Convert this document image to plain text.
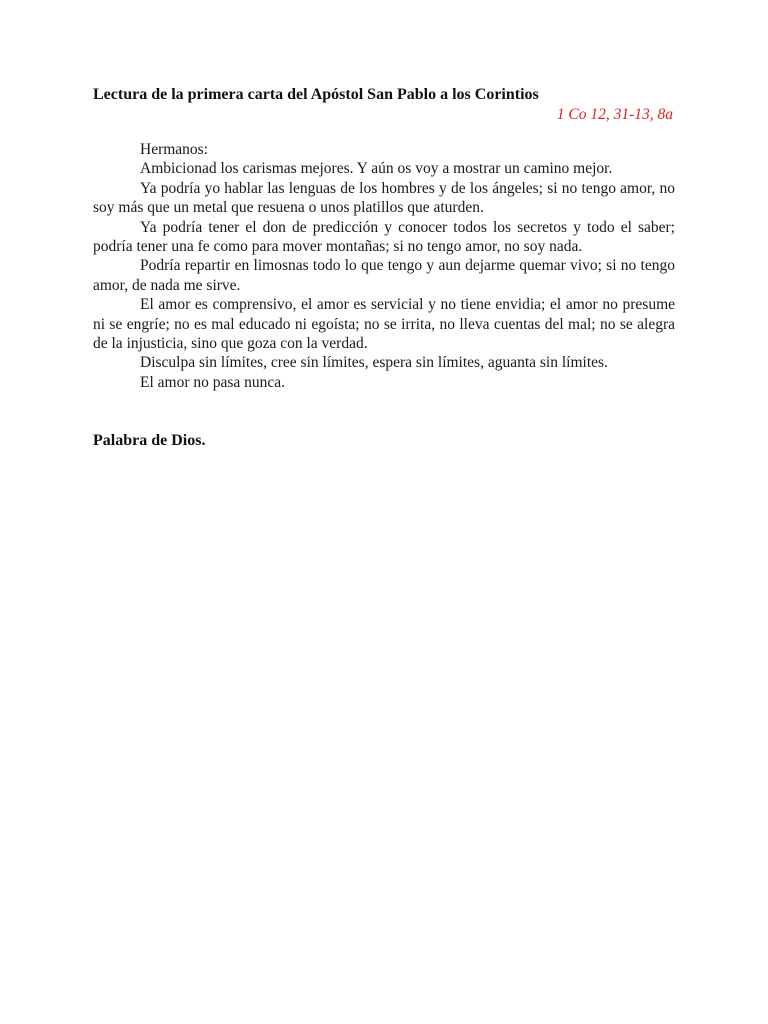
Lectura de la primera carta del Apóstol San Pablo a los Corintios

1 Co 12, 31-13, 8a

Hermanos:

Ambicionad los carismas mejores. Y aún os voy a mostrar un camino mejor.

Ya podría yo hablar las lenguas de los hombres y de los ángeles; si no tengo amor, no soy más que un metal que resuena o unos platillos que aturden.

Ya podría tener el don de predicción y conocer todos los secretos y todo el saber; podría tener una fe como para mover montañas; si no tengo amor, no soy nada.

Podría repartir en limosnas todo lo que tengo y aun dejarme quemar vivo; si no tengo amor, de nada me sirve.

El amor es comprensivo, el amor es servicial y no tiene envidia; el amor no presume ni se engríe; no es mal educado ni egoísta; no se irrita, no lleva cuentas del mal; no se alegra de la injusticia, sino que goza con la verdad.

Disculpa sin límites, cree sin límites, espera sin límites, aguanta sin límites.

El amor no pasa nunca.

Palabra de Dios.
